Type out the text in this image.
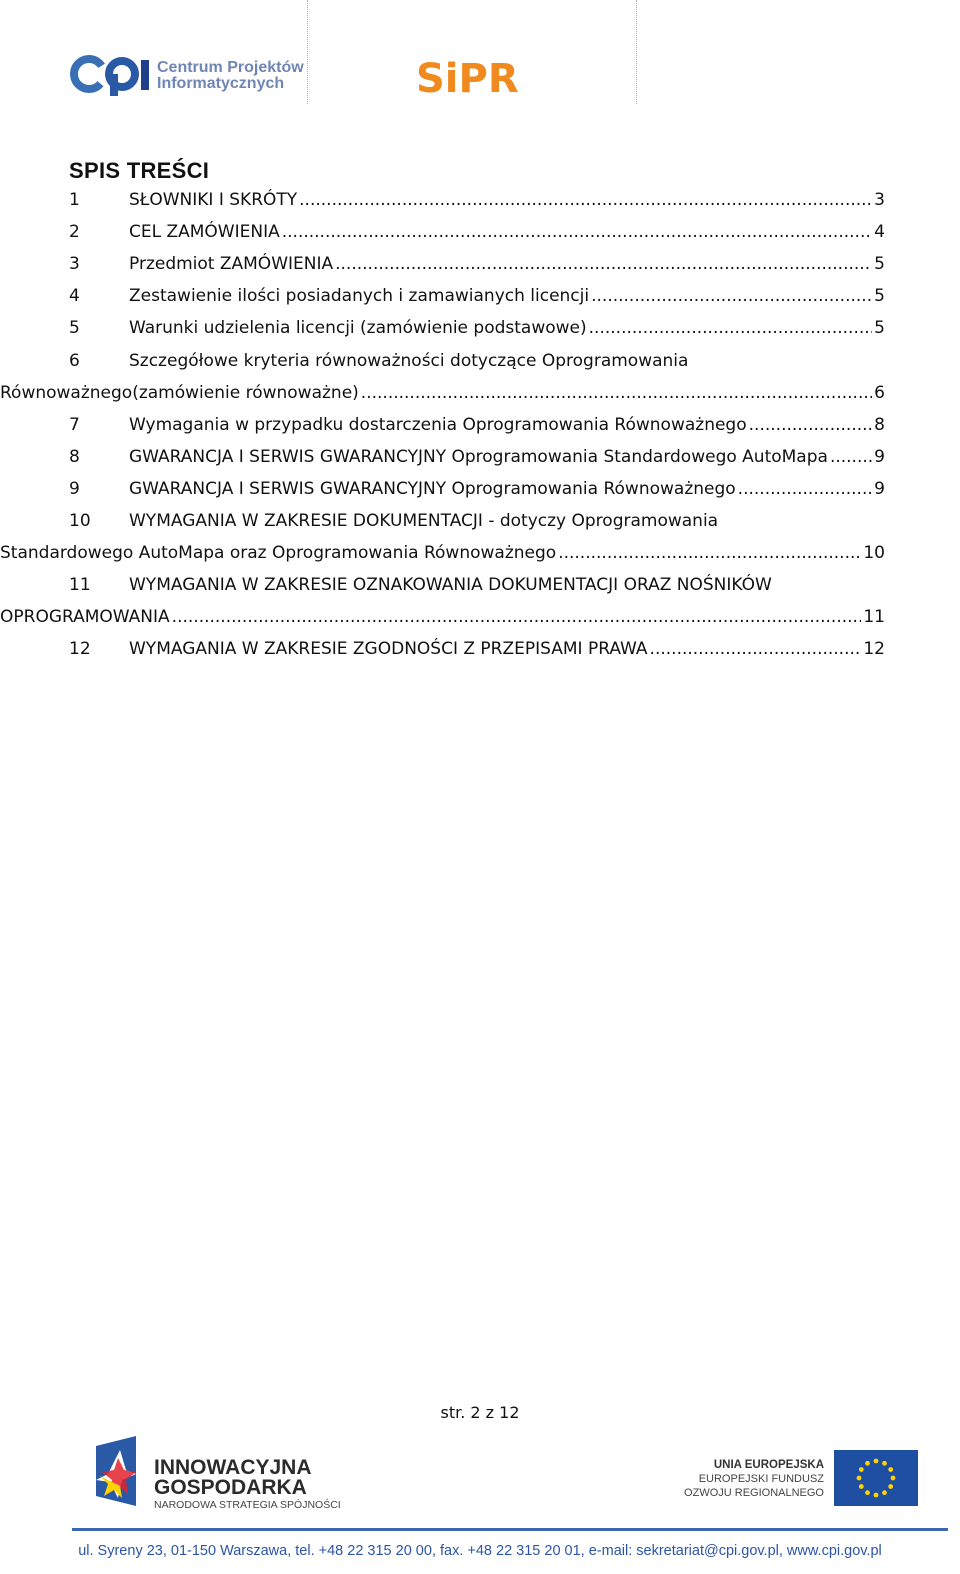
Centrum Projektów
Informatycznych	SiPR
SPIS TREŚCI
1	SŁOWNIKI I SKRÓTY .....	3
2	CEL ZAMÓWIENIA .....	4
3	Przedmiot ZAMÓWIENIA .....	5
4	Zestawienie ilości posiadanych i zamawianych licencji .....	5
5	Warunki udzielenia licencji (zamówienie podstawowe) .....	5
6	Szczegółowe kryteria równoważności dotyczące Oprogramowania
Równoważnego(zamówienie równoważne) .....	6
7	Wymagania w przypadku dostarczenia Oprogramowania Równoważnego .....	8
8	GWARANCJA I SERWIS GWARANCYJNY Oprogramowania Standardowego AutoMapa .....	9
9	GWARANCJA I SERWIS GWARANCYJNY Oprogramowania Równoważnego .....	9
10 WYMAGANIA W ZAKRESIE DOKUMENTACJI - dotyczy Oprogramowania
Standardowego AutoMapa oraz Oprogramowania Równoważnego .....	10
11 WYMAGANIA W ZAKRESIE OZNAKOWANIA DOKUMENTACJI ORAZ NOŚNIKÓW
OPROGRAMOWANIA .....	11
12	WYMAGANIA W ZAKRESIE ZGODNOŚCI Z PRZEPISAMI PRAWA .....	12
str. 2 z 12
INNOWACYJNA
GOSPODARKA
NARODOWA STRATEGIA SPÓJNOŚCI
UNIA EUROPEJSKA
EUROPEJSKI FUNDUSZ
ROZWOJU REGIONALNEGO
ul. Syreny 23, 01-150 Warszawa, tel. +48 22 315 20 00, fax. +48 22 315 20 01, e-mail: sekretariat@cpi.gov.pl, www.cpi.gov.pl
